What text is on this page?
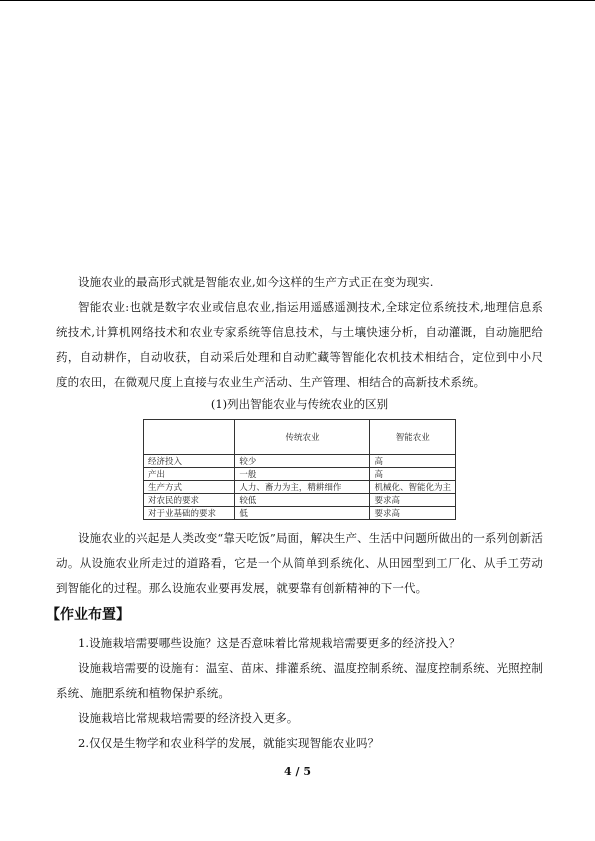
设施农业的最高形式就是智能农业,如今这样的生产方式正在变为现实.

智能农业:也就是数字农业或信息农业,指运用遥感遥测技术,全球定位系统技术,地理信息系统技术,计算机网络技术和农业专家系统等信息技术，与土壤快速分析，自动灌溉，自动施肥给药，自动耕作，自动收获，自动采后处理和自动贮藏等智能化农机技术相结合，定位到中小尺度的农田，在微观尺度上直接与农业生产活动、生产管理、相结合的高新技术系统。

(1)列出智能农业与传统农业的区别

	传统农业	智能农业
经济投入	较少	高
产出	一般	高
生产方式	人力、畜力为主，精耕细作	机械化、智能化为主
对农民的要求	较低	要求高
对于业基础的要求	低	要求高

设施农业的兴起是人类改变“靠天吃饭”局面，解决生产、生活中问题所做出的一系列创新活动。从设施农业所走过的道路看，它是一个从简单到系统化、从田园型到工厂化、从手工劳动到智能化的过程。那么设施农业要再发展，就要靠有创新精神的下一代。

【作业布置】

1.设施栽培需要哪些设施？这是否意味着比常规栽培需要更多的经济投入？

设施栽培需要的设施有：温室、苗床、排灌系统、温度控制系统、湿度控制系统、光照控制系统、施肥系统和植物保护系统。

设施栽培比常规栽培需要的经济投入更多。

2.仅仅是生物学和农业科学的发展，就能实现智能农业吗？

4 / 5
